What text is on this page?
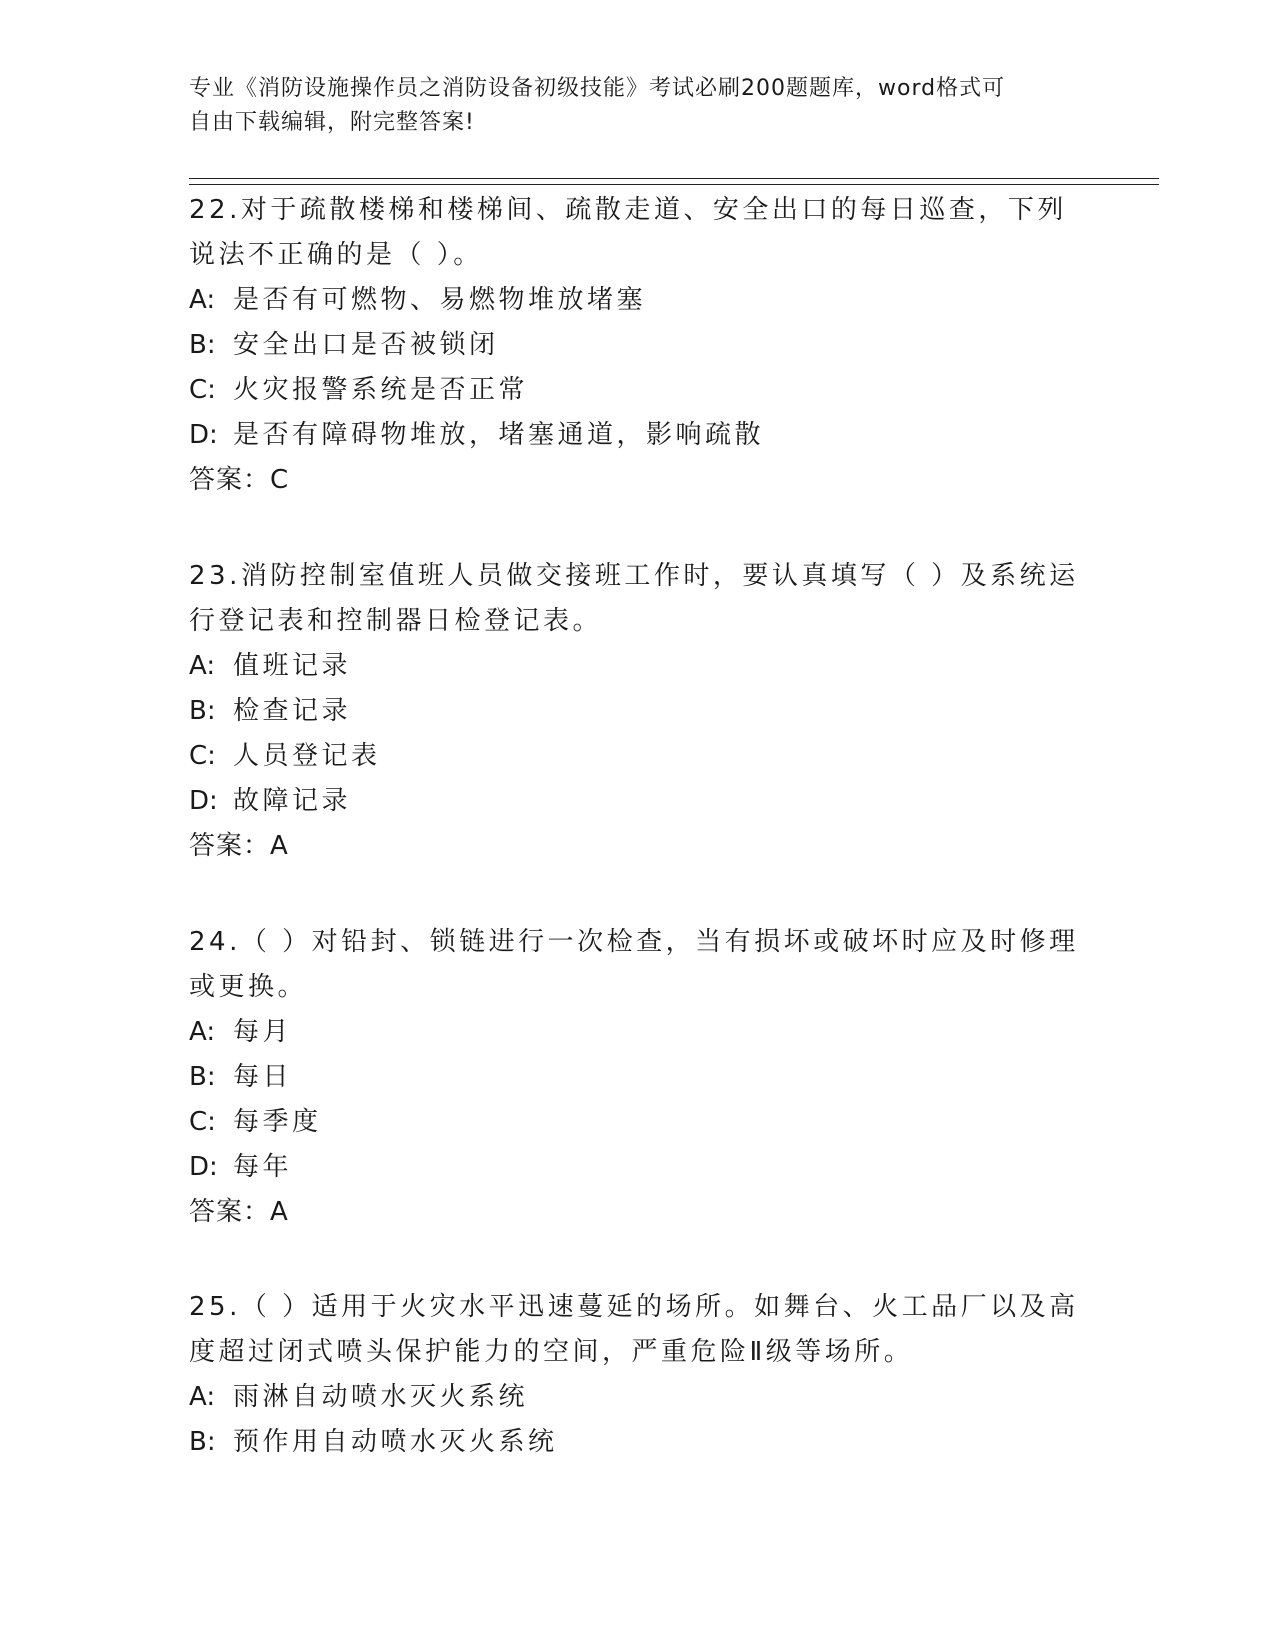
专业《消防设施操作员之消防设备初级技能》考试必刷200题题库，word格式可
自由下载编辑，附完整答案!

22.对于疏散楼梯和楼梯间、疏散走道、安全出口的每日巡查，下列说法不正确的是（ ）。

A: 是否有可燃物、易燃物堆放堵塞

B: 安全出口是否被锁闭

C: 火灾报警系统是否正常

D: 是否有障碍物堆放，堵塞通道，影响疏散

答案：C

23.消防控制室值班人员做交接班工作时，要认真填写（ ）及系统运行登记表和控制器日检登记表。

A: 值班记录

B: 检查记录

C: 人员登记表

D: 故障记录

答案：A

24.（ ）对铅封、锁链进行一次检查，当有损坏或破坏时应及时修理或更换。

A: 每月

B: 每日

C: 每季度

D: 每年

答案：A

25.（ ）适用于火灾水平迅速蔓延的场所。如舞台、火工品厂以及高度超过闭式喷头保护能力的空间，严重危险Ⅱ级等场所。

A: 雨淋自动喷水灭火系统

B: 预作用自动喷水灭火系统
